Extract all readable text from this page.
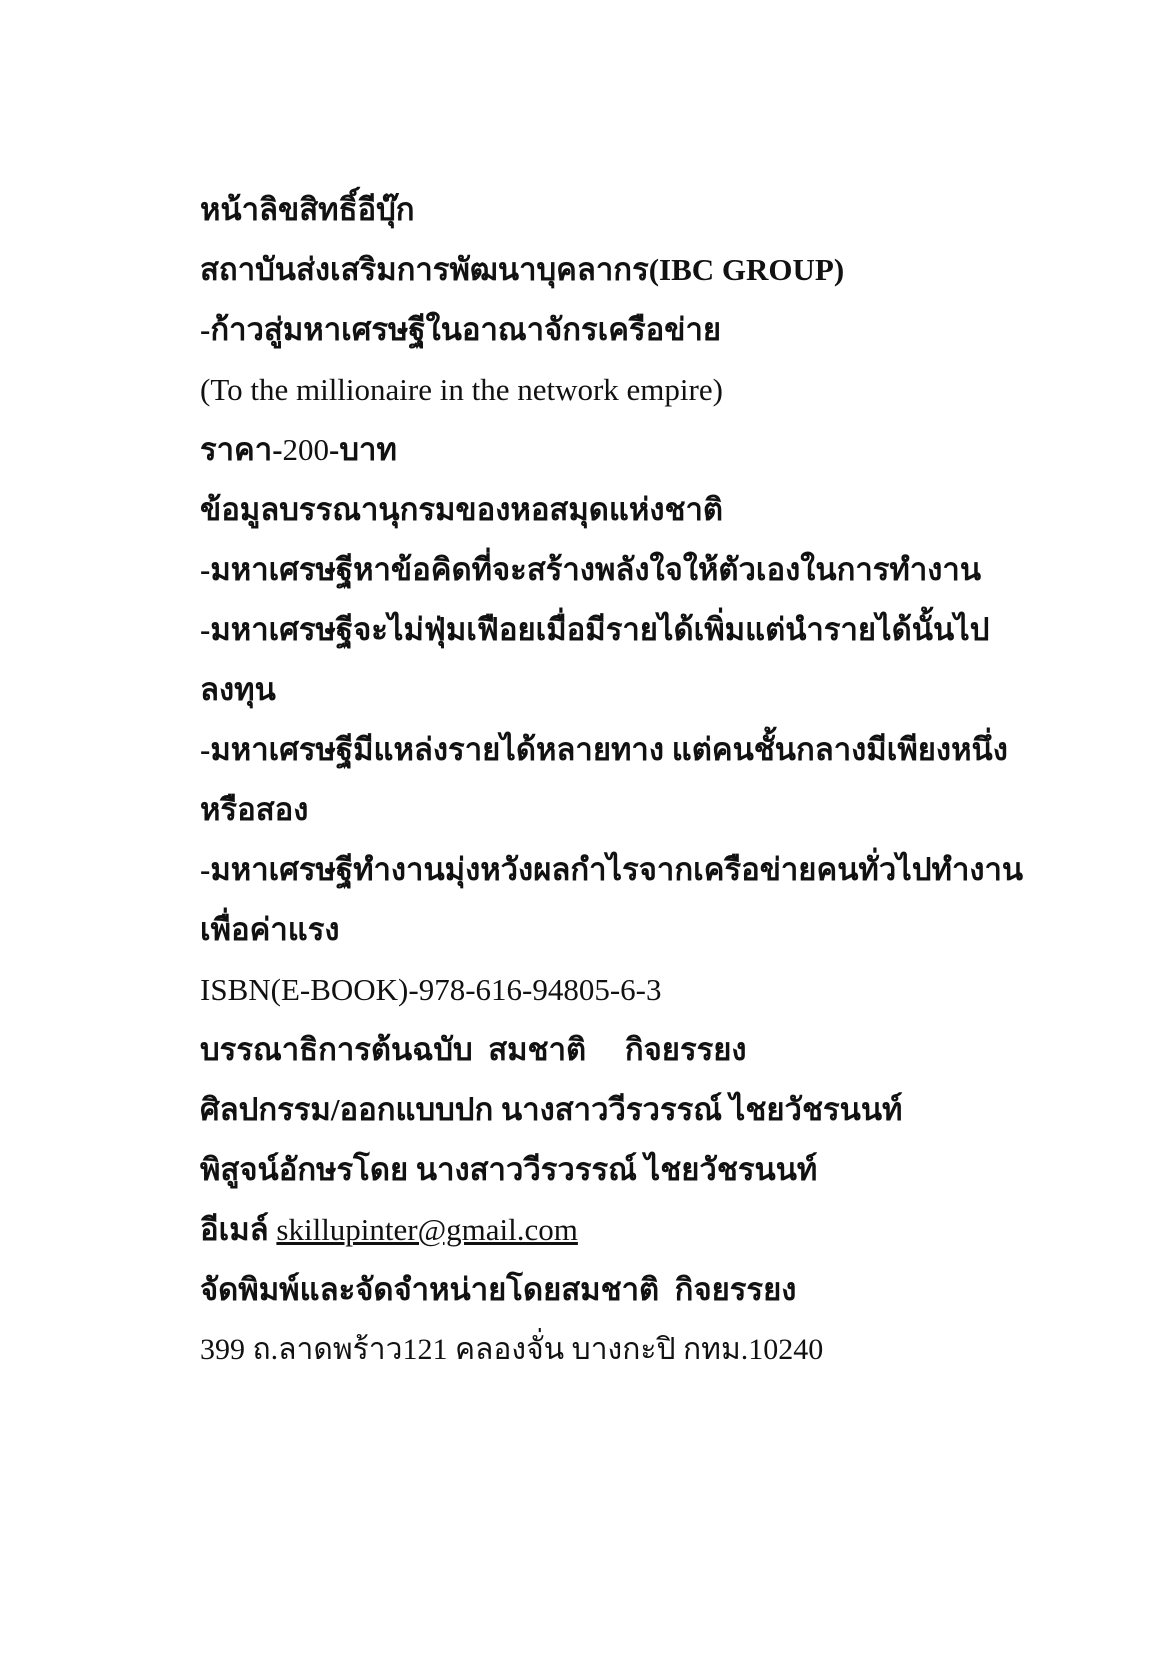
หน้าลิขสิทธิ์อีบุ๊ก
สถาบันส่งเสริมการพัฒนาบุคลากร(IBC GROUP)
-ก้าวสู่มหาเศรษฐีในอาณาจักรเครือข่าย
(To the millionaire in the network empire)
ราคา-200-บาท
ข้อมูลบรรณานุกรมของหอสมุดแห่งชาติ
-มหาเศรษฐีหาข้อคิดที่จะสร้างพลังใจให้ตัวเองในการทำงาน
-มหาเศรษฐีจะไม่ฟุ่มเฟือยเมื่อมีรายได้เพิ่มแต่นำรายได้นั้นไป
ลงทุน
-มหาเศรษฐีมีแหล่งรายได้หลายทาง แต่คนชั้นกลางมีเพียงหนึ่ง
หรือสอง
-มหาเศรษฐีทำงานมุ่งหวังผลกำไรจากเครือข่ายคนทั่วไปทำงาน
เพื่อค่าแรง
ISBN(E-BOOK)-978-616-94805-6-3
บรรณาธิการต้นฉบับ  สมชาติ     กิจยรรยง
ศิลปกรรม/ออกแบบปก นางสาววีรวรรณ์ ไชยวัชรนนท์
พิสูจน์อักษรโดย นางสาววีรวรรณ์ ไชยวัชรนนท์
อีเมล์ skillupinter@gmail.com
จัดพิมพ์และจัดจำหน่ายโดยสมชาติ  กิจยรรยง
399 ถ.ลาดพร้าว121 คลองจั่น บางกะปิ กทม.10240
